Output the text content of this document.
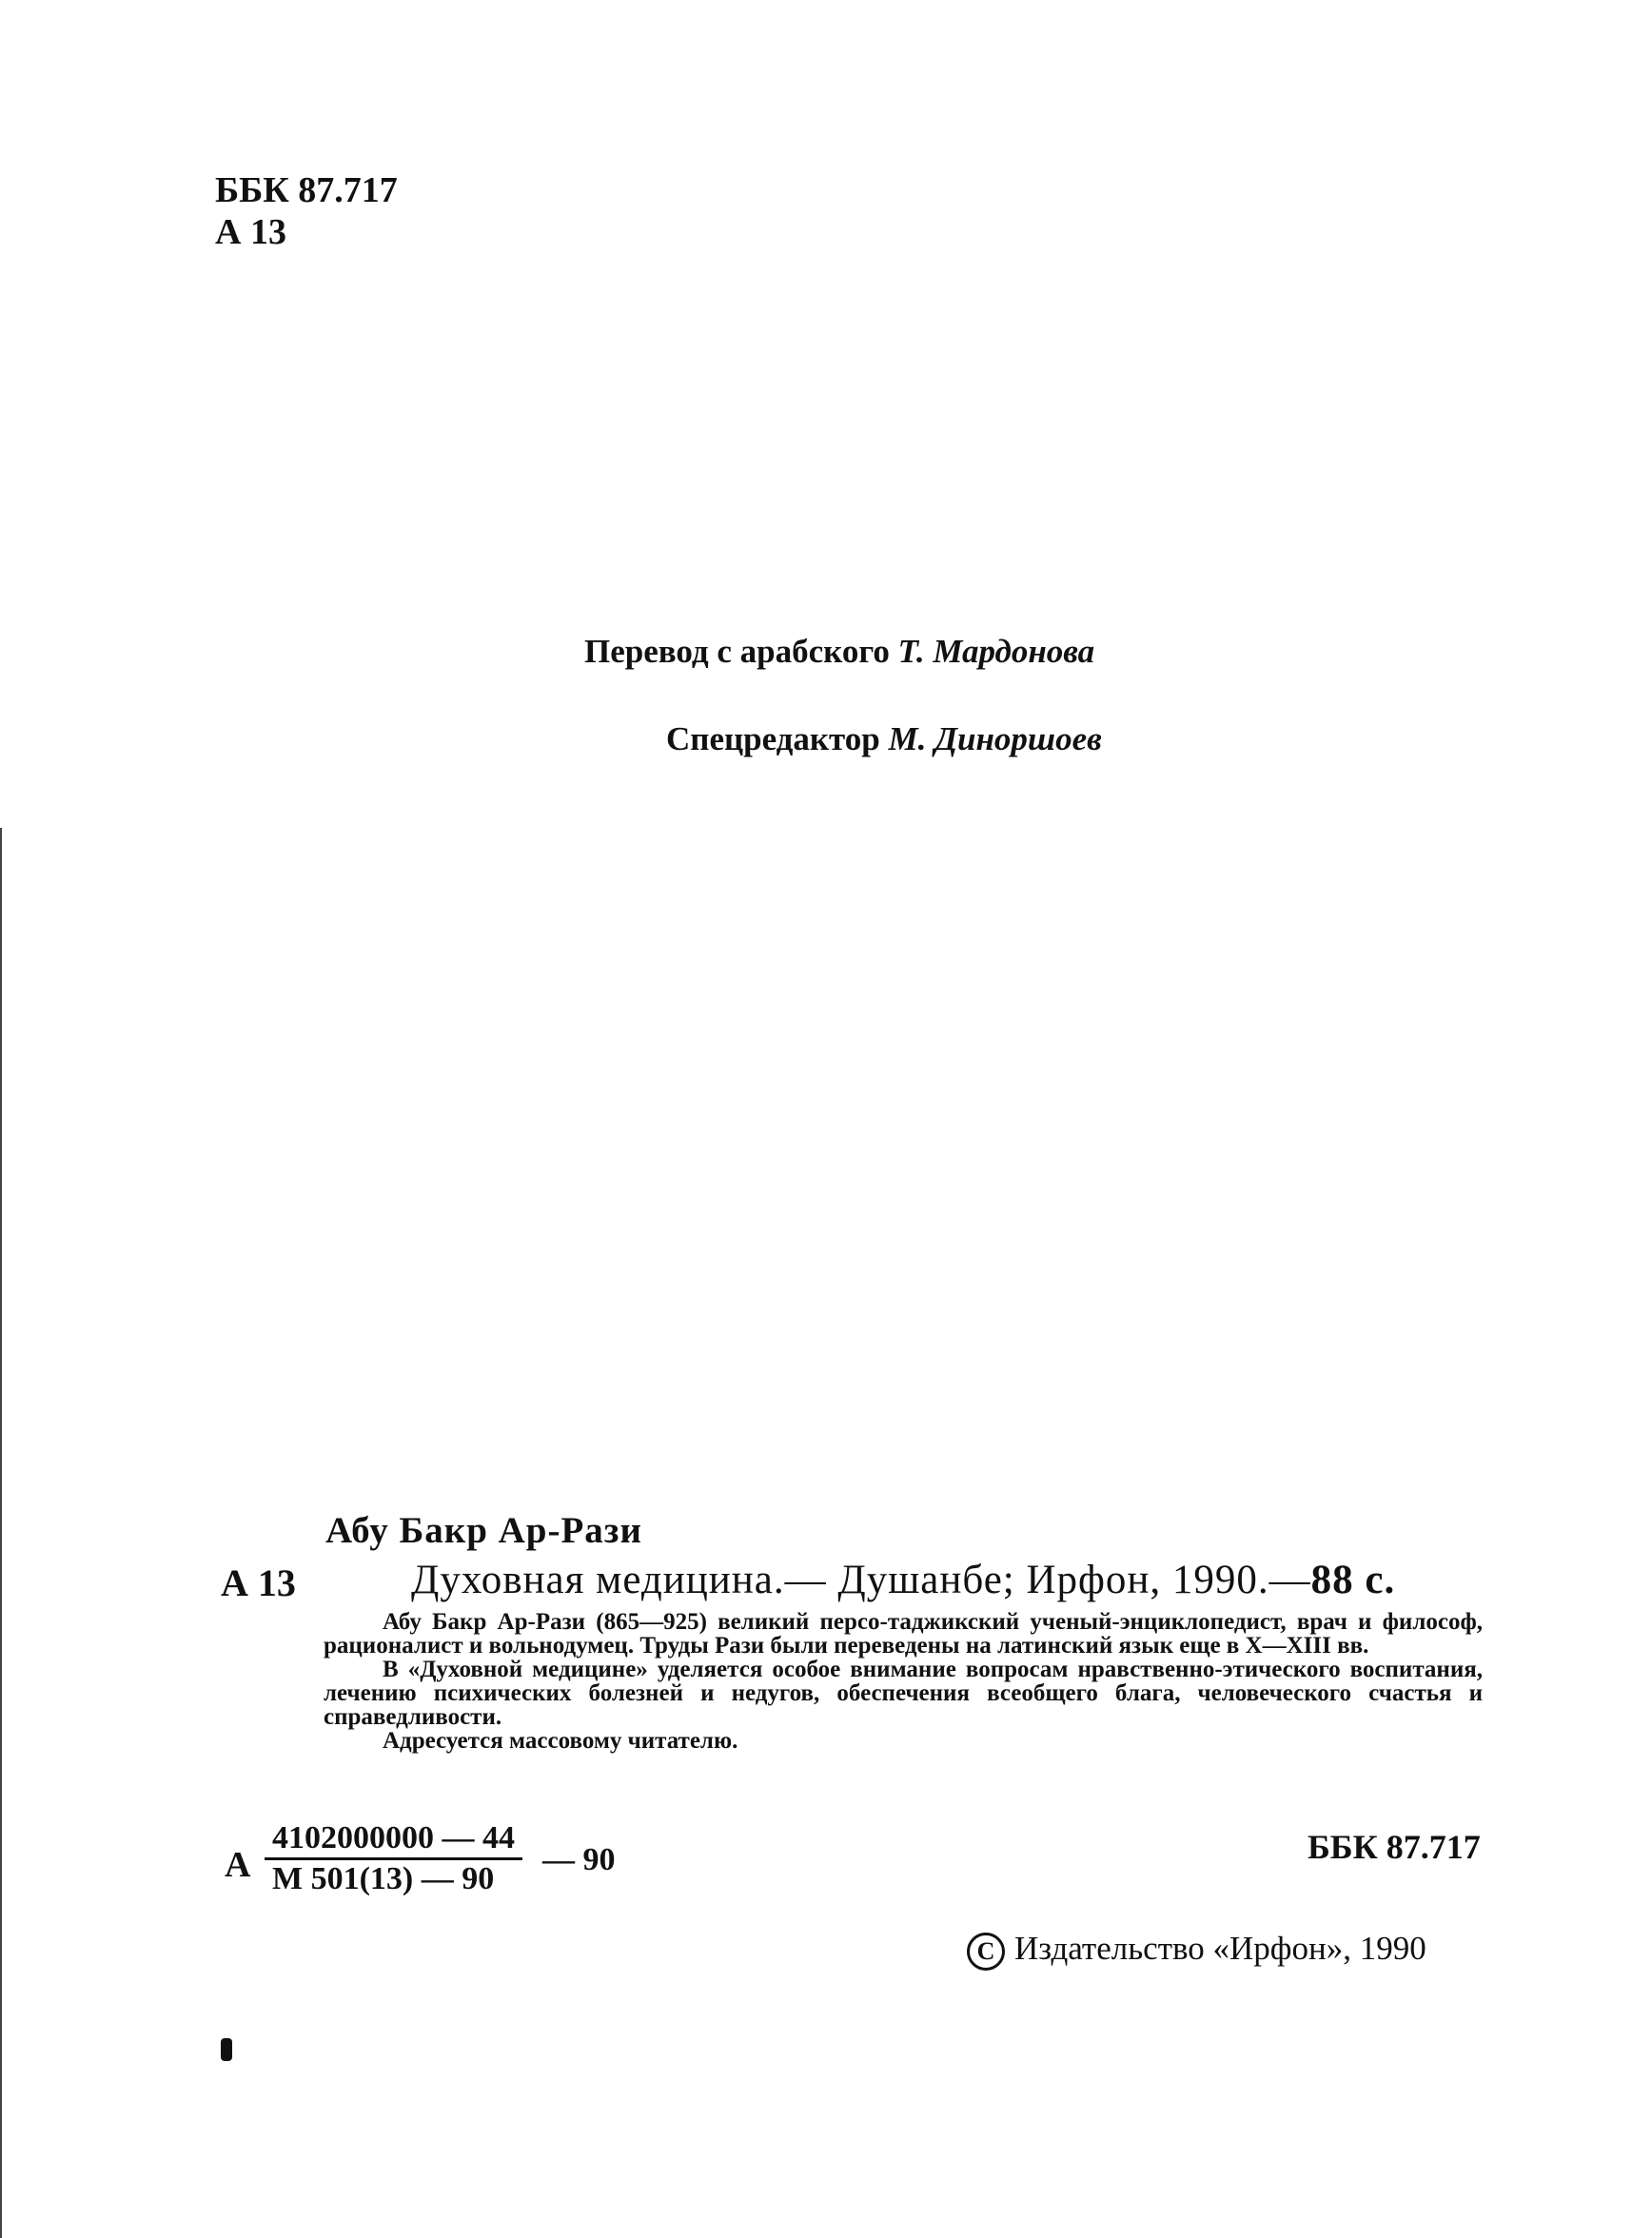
ББК 87.717
А 13
Перевод с арабского Т. Мардонова
Спецредактор М. Диноршоев
Абу Бакр Ар-Рази
А 13	Духовная медицина.— Душанбе; Ирфон, 1990.—88 с.

Абу Бакр Ар-Рази (865—925) великий персо-таджикский ученый-энциклопедист, врач и философ, рационалист и вольнодумец. Труды Рази были переведены на латинский язык еще в X—XIII вв.

В «Духовной медицине» уделяется особое внимание вопросам нравственно-этического воспитания, лечению психических болезней и недугов, обеспечения всеобщего блага, человеческого счастья и справедливости.

Адресуется массовому читателю.

А
4102000000 — 44
М 501(13) — 90
— 90	ББК 87.717
C Издательство «Ирфон», 1990
